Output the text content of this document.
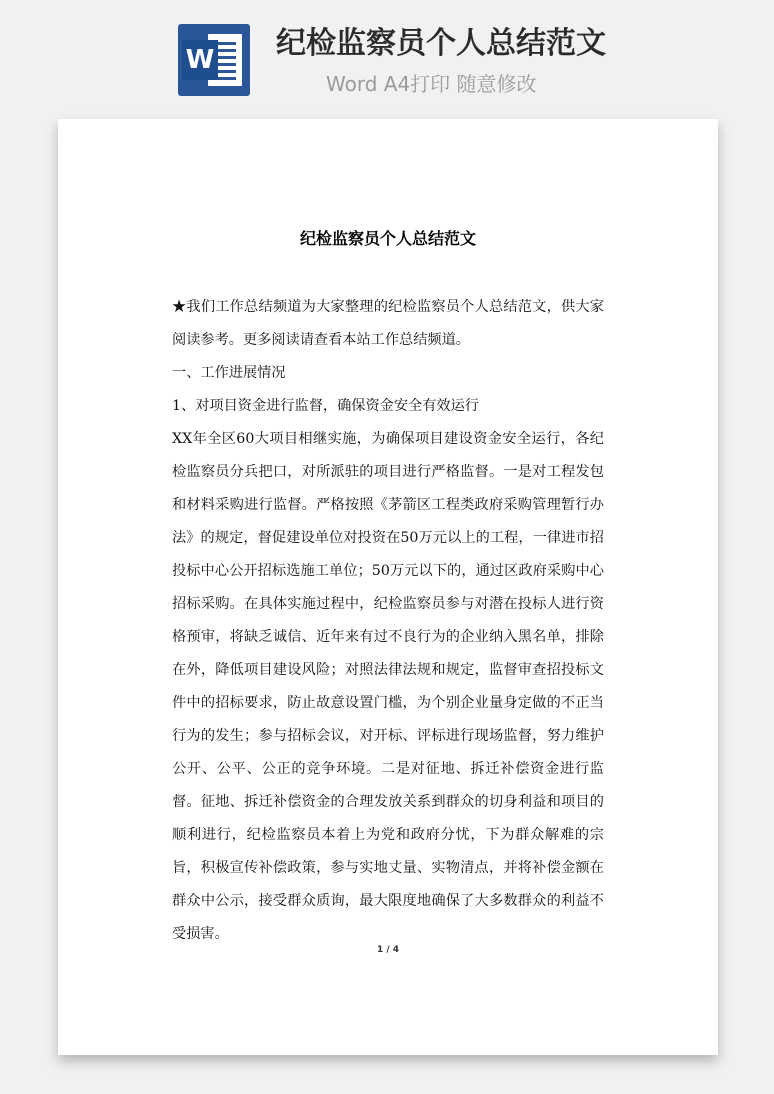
W 纪检监察员个人总结范文
Word A4打印 随意修改
纪检监察员个人总结范文

★我们工作总结频道为大家整理的纪检监察员个人总结范文，供大家阅读参考。更多阅读请查看本站工作总结频道。

一、工作进展情况

1、对项目资金进行监督，确保资金安全有效运行

XX年全区60大项目相继实施，为确保项目建设资金安全运行，各纪检监察员分兵把口，对所派驻的项目进行严格监督。一是对工程发包和材料采购进行监督。严格按照《茅箭区工程类政府采购管理暂行办法》的规定，督促建设单位对投资在50万元以上的工程，一律进市招投标中心公开招标选施工单位；50万元以下的，通过区政府采购中心招标采购。在具体实施过程中，纪检监察员参与对潜在投标人进行资格预审，将缺乏诚信、近年来有过不良行为的企业纳入黑名单，排除在外，降低项目建设风险；对照法律法规和规定，监督审查招投标文件中的招标要求，防止故意设置门槛，为个别企业量身定做的不正当行为的发生；参与招标会议，对开标、评标进行现场监督，努力维护公开、公平、公正的竞争环境。二是对征地、拆迁补偿资金进行监督。征地、拆迁补偿资金的合理发放关系到群众的切身利益和项目的顺利进行，纪检监察员本着上为党和政府分忧，下为群众解难的宗旨，积极宣传补偿政策，参与实地丈量、实物清点，并将补偿金额在群众中公示，接受群众质询，最大限度地确保了大多数群众的利益不受损害。

1 / 4
